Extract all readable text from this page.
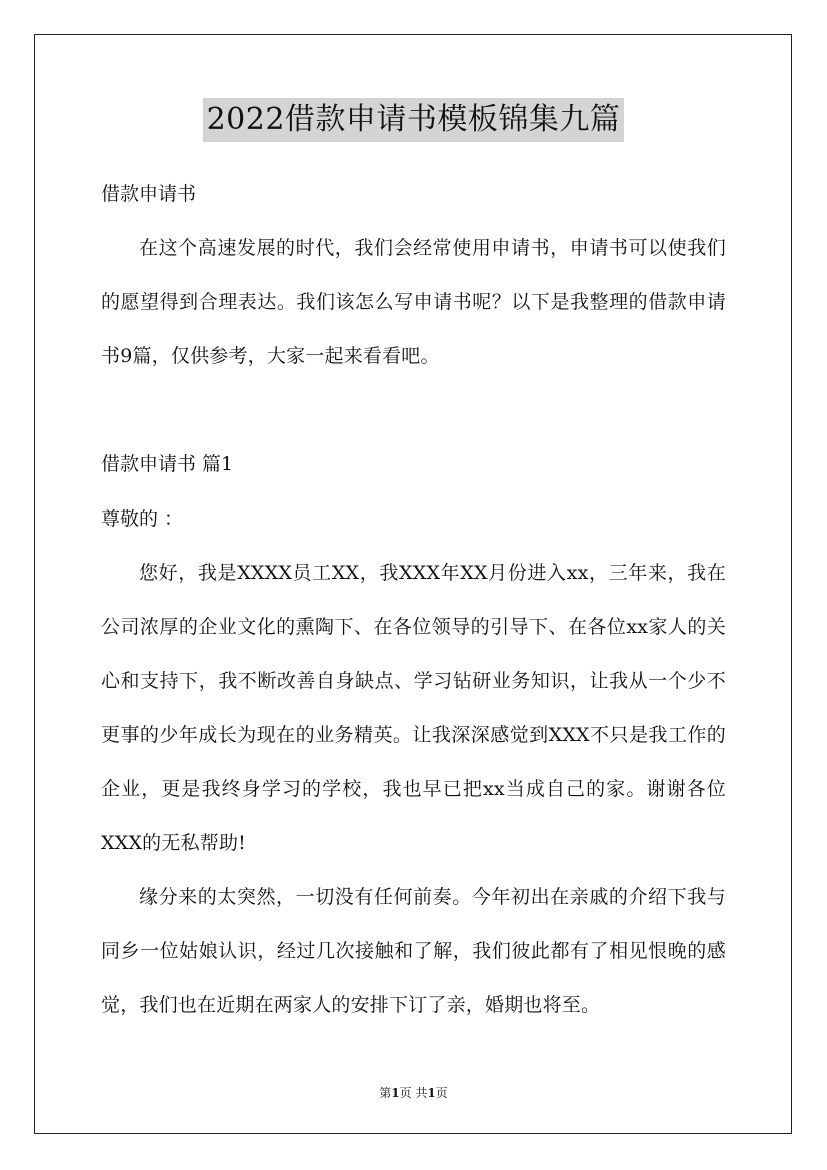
2022借款申请书模板锦集九篇
借款申请书
在这个高速发展的时代，我们会经常使用申请书，申请书可以使我们的愿望得到合理表达。我们该怎么写申请书呢？以下是我整理的借款申请书9篇，仅供参考，大家一起来看看吧。
借款申请书 篇1
尊敬的 ：
您好，我是XXXX员工XX，我XXX年XX月份进入xx，三年来，我在公司浓厚的企业文化的熏陶下、在各位领导的引导下、在各位xx家人的关心和支持下，我不断改善自身缺点、学习钻研业务知识，让我从一个少不更事的少年成长为现在的业务精英。让我深深感觉到XXX不只是我工作的企业，更是我终身学习的学校，我也早已把xx当成自己的家。谢谢各位XXX的无私帮助!
缘分来的太突然，一切没有任何前奏。今年初出在亲戚的介绍下我与同乡一位姑娘认识，经过几次接触和了解，我们彼此都有了相见恨晚的感觉，我们也在近期在两家人的安排下订了亲，婚期也将至。
第1页 共1页
